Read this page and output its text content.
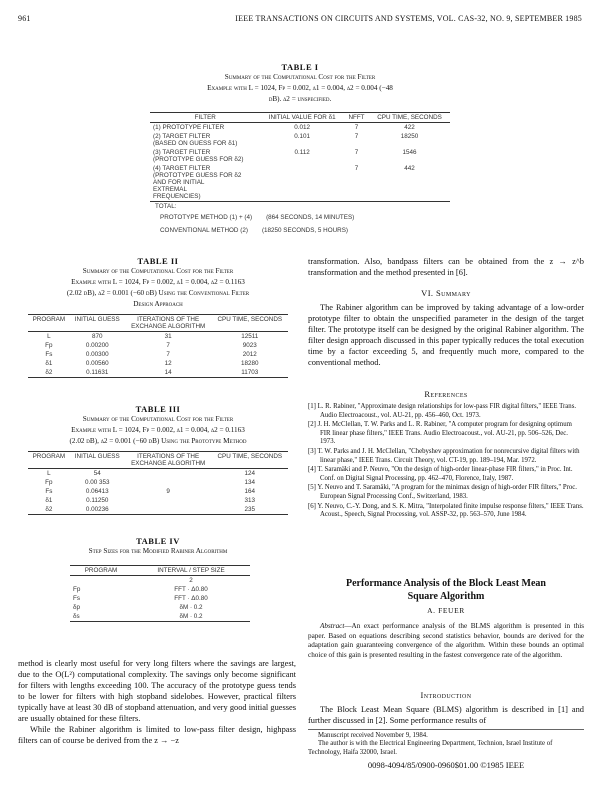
961	IEEE TRANSACTIONS ON CIRCUITS AND SYSTEMS, VOL. CAS-32, NO. 9, SEPTEMBER 1985
TABLE I
Summary of the Computational Cost for the Filter
Example with L = 1024, Fp = 0.002, δ1 = 0.004, δ2 = 0.004 (−48
dB). δ2 = unspecified.
FILTER	INITIAL VALUE FOR δ1	NFFT	CPU TIME, SECONDS
(1) PROTOTYPE FILTER	0.012	7	422
(2) TARGET FILTER
(BASED ON GUESS FOR δ1)	0.101	7	18250
(3) TARGET FILTER
(PROTOTYPE GUESS FOR δ2)	0.112	7	1546
(4) TARGET FILTER
(PROTOTYPE GUESS FOR δ2
AND FOR INITIAL
EXTREMAL
FREQUENCIES)		7	442
TOTAL:
PROTOTYPE METHOD (1) + (4) (864 SECONDS, 14 MINUTES)
CONVENTIONAL METHOD (2) (18250 SECONDS, 5 HOURS)
TABLE II
Summary of the Computational Cost for the Filter
Example with L = 1024, Fp = 0.002, δ1 = 0.004, δ2 = 0.1163
(2.02 dB), δ2 = 0.001 (−60 dB) Using the Conventional Filter
Design Approach
PROGRAM	INITIAL GUESS	ITERATIONS OF THE
EXCHANGE ALGORITHM	CPU TIME, SECONDS
L	870	31	12511
Fp	0.00200	7	9023
Fs	0.00300	7	2012
δ1	0.00560	12	18280
δ2	0.11631	14	11703
TABLE III
Summary of the Computational Cost for the Filter
Example with L = 1024, Fp = 0.002, δ1 = 0.004, δ2 = 0.1163
(2.02 dB), δ2 = 0.001 (−60 dB) Using the Prototype Method
PROGRAM	INITIAL GUESS	ITERATIONS OF THE
EXCHANGE ALGORITHM	CPU TIME, SECONDS
L	54		124
Fp	0.00 353		134
Fs	0.06413	9	164
δ1	0.11250		313
δ2	0.00236		235
TABLE IV
Step Sizes for the Modified Rabiner Algorithm
PROGRAM	INTERVAL / STEP SIZE
	2
Fp	FFT · Δ0.80
Fs	FFT · Δ0.80
δp	δM · 0.2
δs	δM · 0.2
method is clearly most useful for very long filters where the savings are largest, due to the O(L²) computational complexity. The savings only become significant for filters with lengths exceeding 100. The accuracy of the prototype guess tends to be lower for filters with high stopband sidelobes. However, practical filters typically have at least 30 dB of stopband attenuation, and very good initial guesses are usually obtained for these filters.
While the Rabiner algorithm is limited to low-pass filter design, highpass filters can of course be derived from the z → −z
transformation. Also, bandpass filters can be obtained from the z → z^b transformation and the method presented in [6].
VI. Summary
The Rabiner algorithm can be improved by taking advantage of a low-order prototype filter to obtain the unspecified parameter in the design of the target filter. The prototype itself can be designed by the original Rabiner algorithm. The filter design approach discussed in this paper typically reduces the total execution time by a factor exceeding 5, and frequently much more, compared to the conventional method.
References
[1] L. R. Rabiner, "Approximate design relationships for low-pass FIR digital filters," IEEE Trans. Audio Electroacoust., vol. AU-21, pp. 456–460, Oct. 1973.
[2] J. H. McClellan, T. W. Parks and L. R. Rabiner, "A computer program for designing optimum FIR linear phase filters," IEEE Trans. Audio Electroacoust., vol. AU-21, pp. 506–526, Dec. 1973.
[3] T. W. Parks and J. H. McClellan, "Chebyshev approximation for nonrecursive digital filters with linear phase," IEEE Trans. Circuit Theory, vol. CT-19, pp. 189–194, Mar. 1972.
[4] T. Saramäki and P. Neuvo, "On the design of high-order linear-phase FIR filters," in Proc. Int. Conf. on Digital Signal Processing, pp. 462–470, Florence, Italy, 1987.
[5] Y. Neuvo and T. Saramäki, "A program for the minimax design of high-order FIR filters," Proc. European Signal Processing Conf., Switzerland, 1983.
[6] Y. Neuvo, C.-Y. Dong, and S. K. Mitra, "Interpolated finite impulse response filters," IEEE Trans. Acoust., Speech, Signal Processing, vol. ASSP-32, pp. 563–570, June 1984.
Performance Analysis of the Block Least Mean
Square Algorithm
A. FEUER
Abstract—An exact performance analysis of the BLMS algorithm is presented in this paper. Based on equations describing second statistics behavior, bounds are derived for the adaptation gain guaranteeing convergence of the algorithm. Within these bounds an optimal choice of this gain is presented resulting in the fastest convergence rate of the algorithm.
Introduction
The Block Least Mean Square (BLMS) algorithm is described in [1] and further discussed in [2]. Some performance results of
Manuscript received November 9, 1984.
The author is with the Electrical Engineering Department, Technion, Israel Institute of Technology, Haifa 32000, Israel.
0098-4094/85/0900-0960$01.00 ©1985 IEEE
